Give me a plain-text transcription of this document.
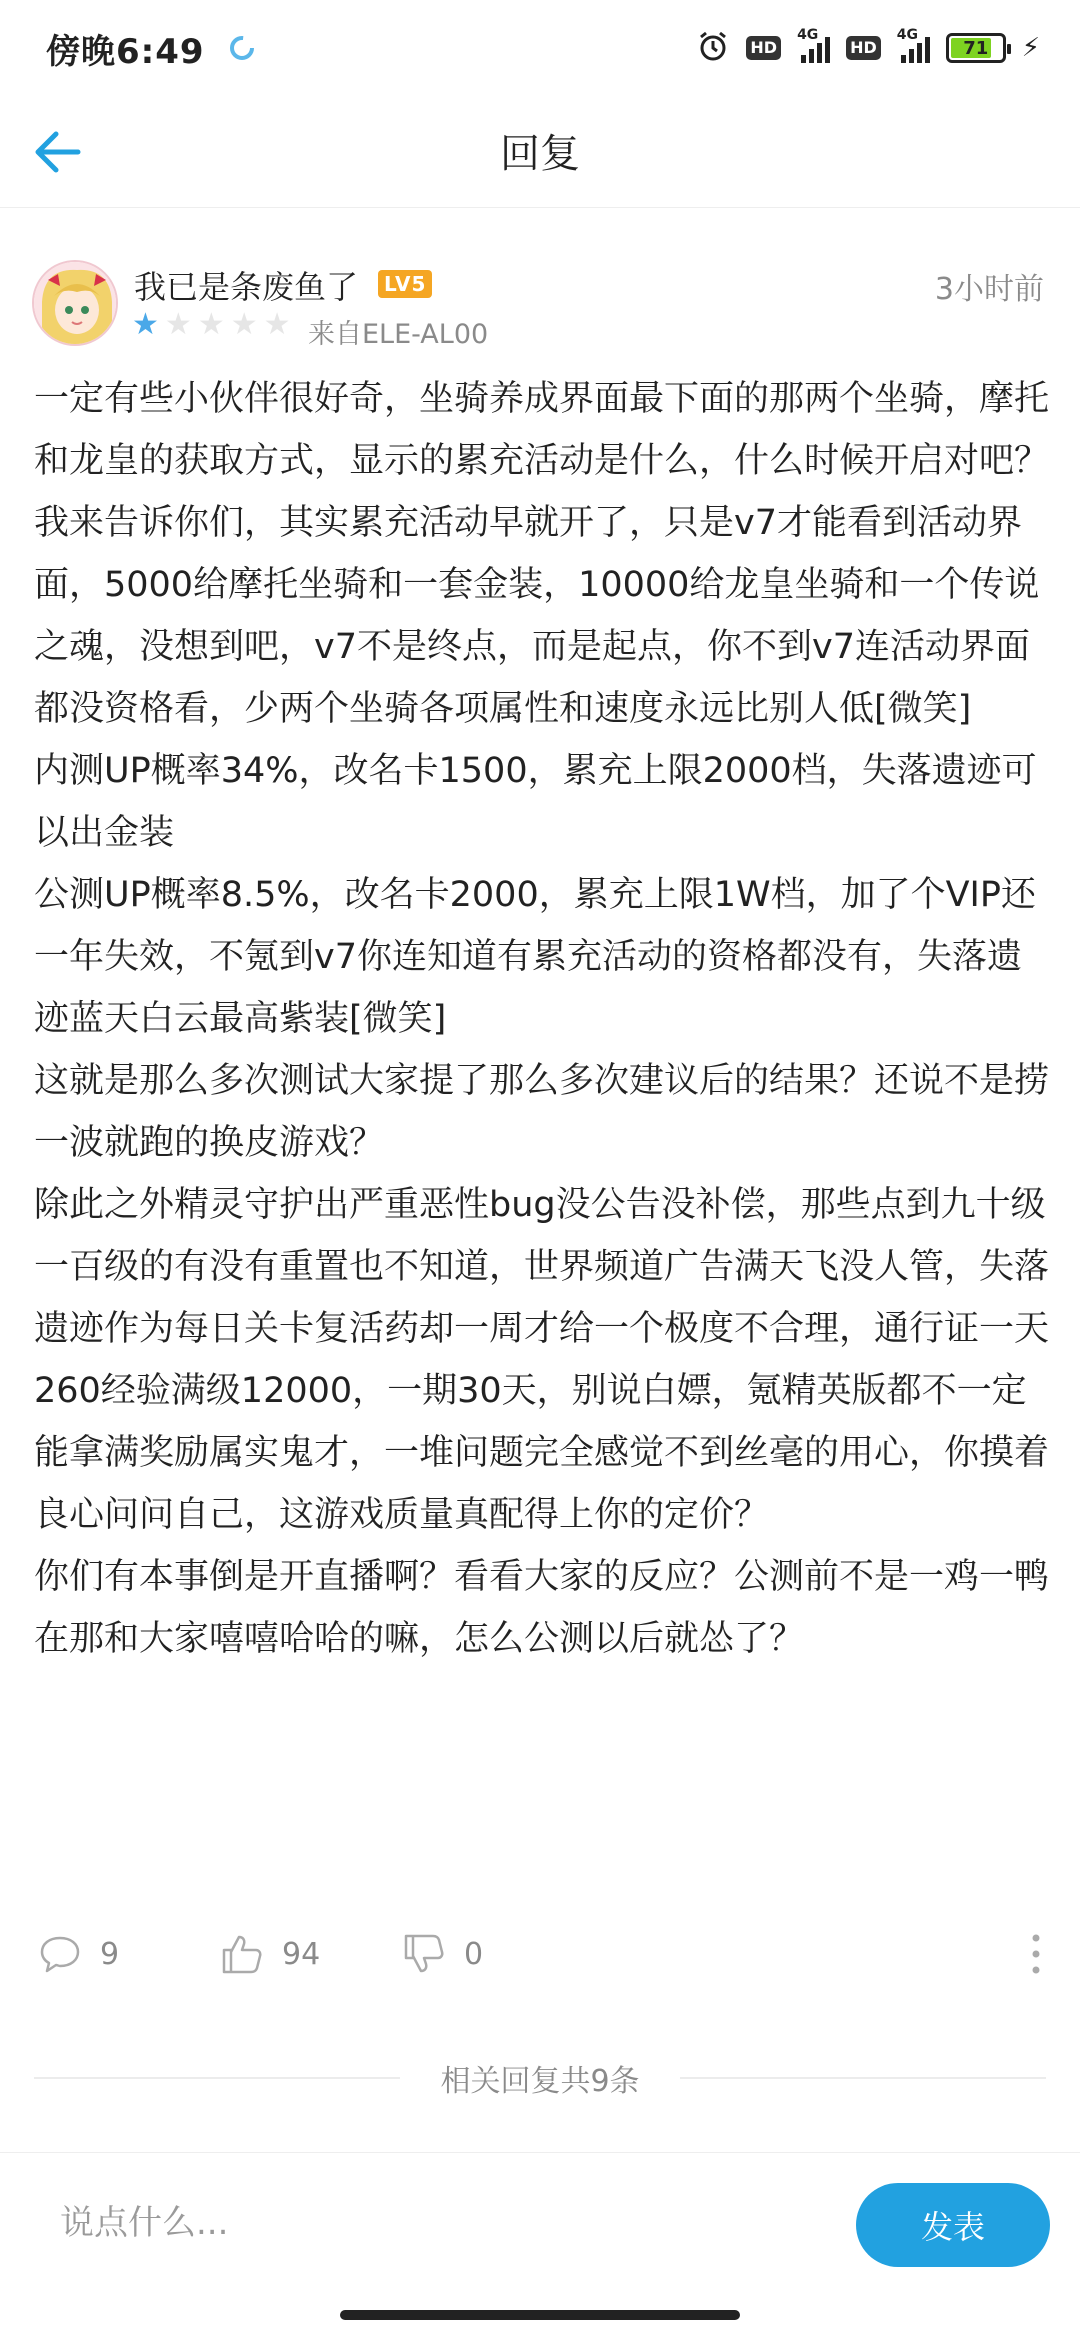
傍晚6:49	HD
4G
HD
4G
71 ⚡
回复
我已是条废鱼了	LV5	3小时前
★ ★ ★ ★ ★ 来自ELE-AL00

一定有些小伙伴很好奇，坐骑养成界面最下面的那两个坐骑，摩托和龙皇的获取方式，显示的累充活动是什么，什么时候开启对吧？

我来告诉你们，其实累充活动早就开了，只是v7才能看到活动界面，5000给摩托坐骑和一套金装，10000给龙皇坐骑和一个传说之魂，没想到吧，v7不是终点，而是起点，你不到v7连活动界面都没资格看，少两个坐骑各项属性和速度永远比别人低[微笑]

内测UP概率34%，改名卡1500，累充上限2000档，失落遗迹可以出金装

公测UP概率8.5%，改名卡2000，累充上限1W档，加了个VIP还一年失效，不氪到v7你连知道有累充活动的资格都没有，失落遗迹蓝天白云最高紫装[微笑]

这就是那么多次测试大家提了那么多次建议后的结果？还说不是捞一波就跑的换皮游戏？

除此之外精灵守护出严重恶性bug没公告没补偿，那些点到九十级一百级的有没有重置也不知道，世界频道广告满天飞没人管，失落遗迹作为每日关卡复活药却一周才给一个极度不合理，通行证一天260经验满级12000，一期30天，别说白嫖，氪精英版都不一定能拿满奖励属实鬼才，一堆问题完全感觉不到丝毫的用心，你摸着良心问问自己，这游戏质量真配得上你的定价？

你们有本事倒是开直播啊？看看大家的反应？公测前不是一鸡一鸭在那和大家嘻嘻哈哈的嘛，怎么公测以后就怂了？

9	94	0
相关回复共9条
说点什么...
发表
